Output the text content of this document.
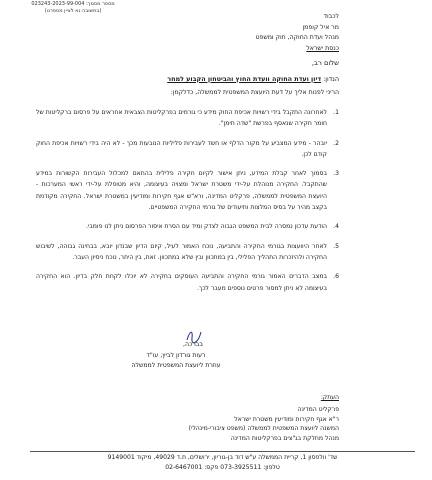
מספר מסמך: 023243-2023-99-004
(בתשובה נא לציין מספרנו)
לכבוד
מר איל קופמן
מנהל ועדת החוקה, חוק ומשפט
כנסת ישראל
שלום רב,
הנדון: דיון ועדת החוקה וועדת החוץ והביטחון הקבוע למחר
הריני לפנות אליך על דעת היועצת המשפטית לממשלה, כדלקמן:
1.
לאחרונה התקבל בידי רשויות אכיפת החוק מידע כי גורמים בפרקליטות הצבאית אחראים על פרסום ברקליטות של חומר חקירה שנאסף בפרשת "שדה תימן".
2.
יובהר - מידע המצביע על מקור הדלף או חשד לעבירות פליליות הנובעות מכך - לא היה בידי רשויות אכיפת החוק קודם לכן.
3.
בסמוך לאחר קבלת המידע, ניתן אישור לקיום חקירה פלילית בהתאם למכלול העבירות הקשורות במידע שהתקבל. החקירה מנוהלת על-ידי משטרת ישראל ומצויה בעיצומה, והיא מטופלת על-ידי ראשי המערכות - היועצת המשפטית לממשלה, פרקליט המדינה, ורא"ש אגף חקירות ומודיעין במשטרת ישראל. החקירה מקודמת בקצב מהיר על בסיס המלצות ותיעודים של גורמי החקירה המשפטיים.
4.
הודעת עדכון נמסרה לבית המשפט הגבוה לצדק ומיד עם הסרת איסור הפרסום ניתן לנו פומבי.
5.
לאחר היוועצות בגורמי החקירה והתביעה, נוכח האמור לעיל, קיום הדיון שבנדון יובא, בבחינה גבוהה, לשיבוש החקירה ולהיזכרות התהליך הפלילי, בין במתכוון ובין שלא במתכוון. זאת, בין היתר, נוכח ניסיון העבר.
6.
במצב הדברים האמור גורמי החקירה והתביעה העוסקים בחקירה לא יוכלו לקחת חלק בדיון. הוא החקירה בעיצומה לא ניתן למסור פרטים נוספים מעבר לכך.
בברכה,
רעות גורדון לביץ, עו"ד
עוזרת ליועצת המשפטית לממשלה
העתק:
פרקליט המדינה
ר"א אגף חקירות ומודיעין משטרת ישראל
המשנה ליועצת המשפטית לממשלה (משפט ציבורי-מינהלי)
מנהל מחלקת בג"צים בפרקליטות המדינה
שד' וולפסון 1, קריית הממשלה ע"ש דוד בן-גוריון, ירושלים, ת.ד 49029, מיקוד 9149001
טלפון: 073-3925511 פקס: 02-6467001
